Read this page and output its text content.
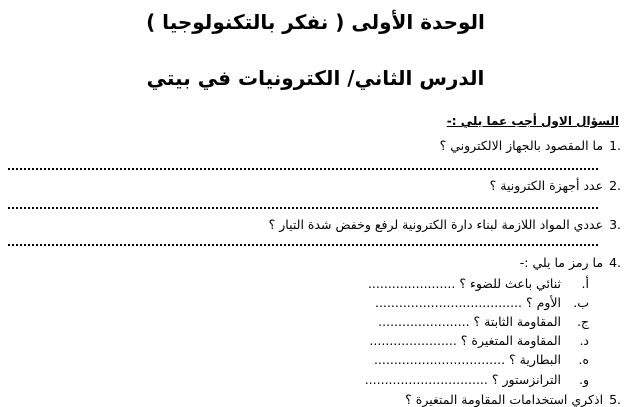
الوحدة الأولى ( نفكر بالتكنولوجيا )
الدرس الثاني/ الكترونيات في بيتي
السؤال الاول أجب عما يلي :-
1.
ما المقصود بالجهاز الالكتروني ؟
2.
عدد أجهزة الكترونية ؟
3.
عددي المواد اللازمة لبناء دارة الكترونية لرفع وخفض شدة التيار ؟
4.
ما رمز ما يلي :-
أ.
ثنائي باعث للضوء ؟ ......................
ب.
الأوم ؟ .....................................
ج.
المقاومة الثابتة ؟ .......................
د.
المقاومة المتغيرة ؟ ......................
ه.
البطارية ؟ .................................
و.
الترانزستور ؟ ...............................
5.
اذكري استخدامات المقاومة المتغيرة ؟
